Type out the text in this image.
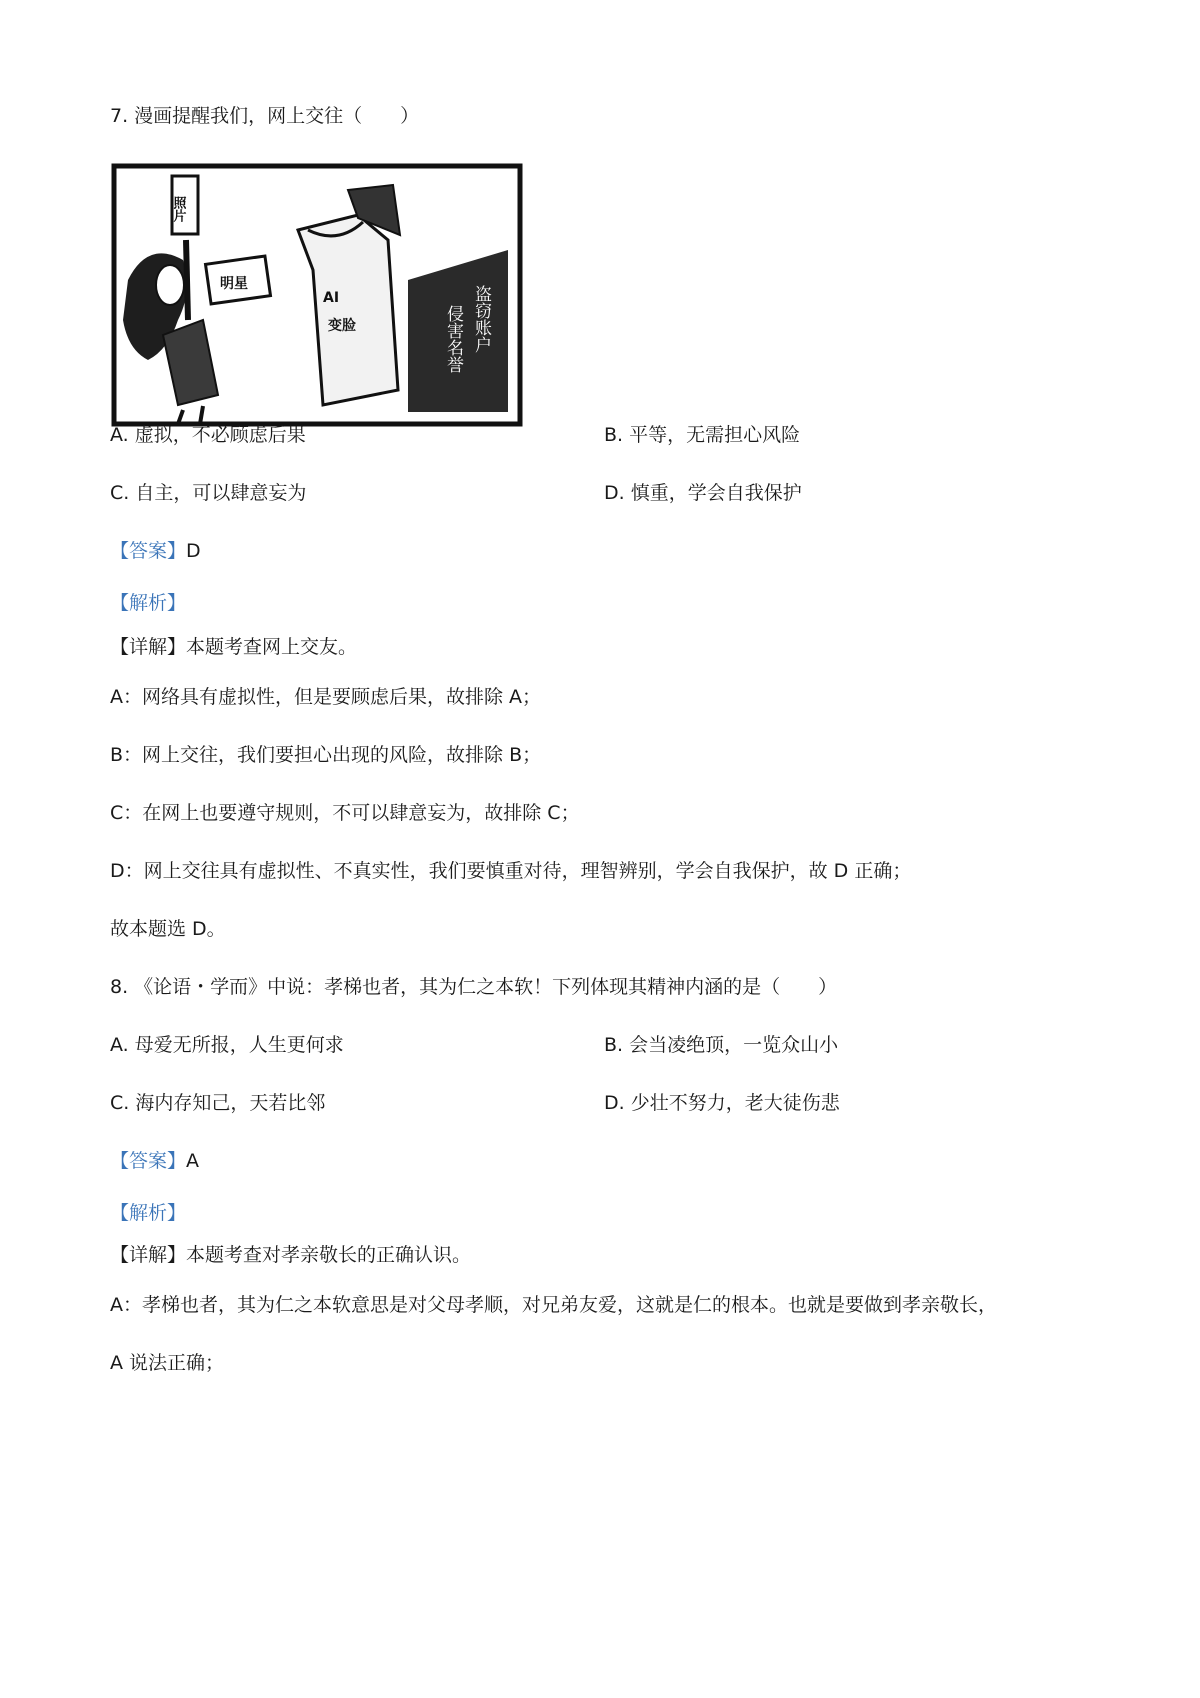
7. 漫画提醒我们，网上交往（　　）
侵害名誉 盗窃账户
AI
变脸
明星
照片
A. 虚拟，不必顾虑后果	B. 平等，无需担心风险
C. 自主，可以肆意妄为	D. 慎重，学会自我保护
【答案】D
【解析】
【详解】本题考查网上交友。
A：网络具有虚拟性，但是要顾虑后果，故排除 A；
B：网上交往，我们要担心出现的风险，故排除 B；
C：在网上也要遵守规则，不可以肆意妄为，故排除 C；
D：网上交往具有虚拟性、不真实性，我们要慎重对待，理智辨别，学会自我保护，故 D 正确；
故本题选 D。
8. 《论语・学而》中说：孝梯也者，其为仁之本软！下列体现其精神内涵的是（　　）
A. 母爱无所报，人生更何求	B. 会当凌绝顶，一览众山小
C. 海内存知己，天若比邻	D. 少壮不努力，老大徒伤悲
【答案】A
【解析】
【详解】本题考查对孝亲敬长的正确认识。
A：孝梯也者，其为仁之本软意思是对父母孝顺，对兄弟友爱，这就是仁的根本。也就是要做到孝亲敬长，
A 说法正确；
